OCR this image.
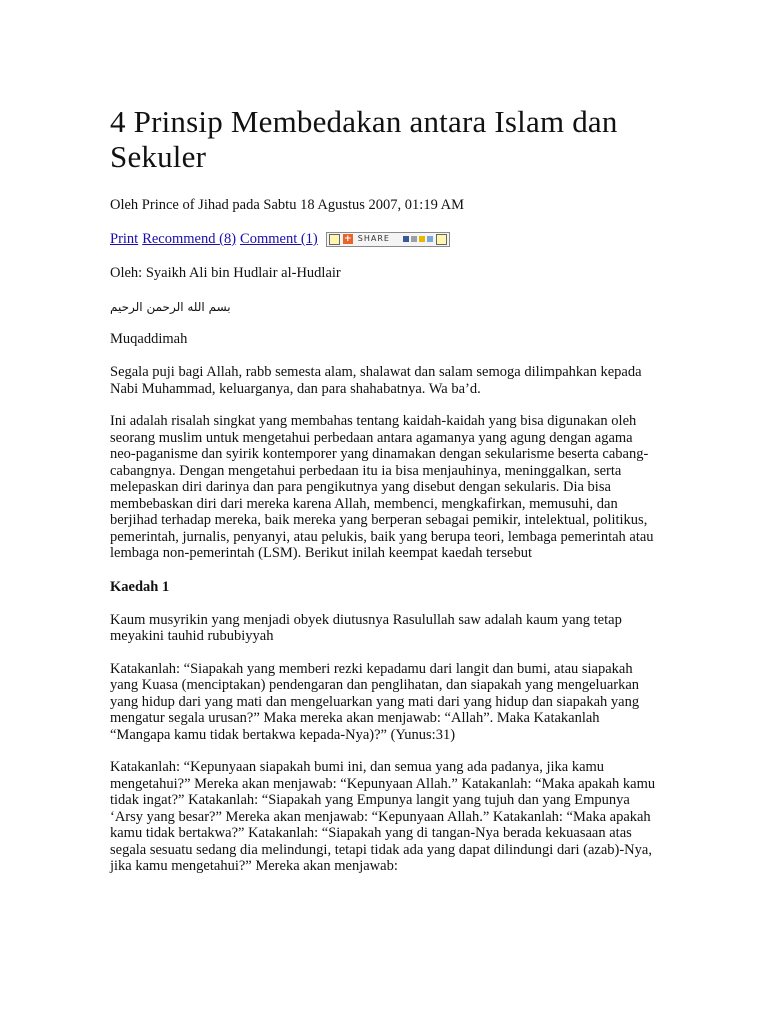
4 Prinsip Membedakan antara Islam dan Sekuler
Oleh Prince of Jihad pada Sabtu 18 Agustus 2007, 01:19 AM
Print Recommend (8) Comment (1)	+ SHARE
Oleh: Syaikh Ali bin Hudlair al-Hudlair
بسم الله الرحمن الرحيم
Muqaddimah

Segala puji bagi Allah, rabb semesta alam, shalawat dan salam semoga dilimpahkan kepada Nabi Muhammad, keluarganya, dan para shahabatnya. Wa ba’d.

Ini adalah risalah singkat yang membahas tentang kaidah-kaidah yang bisa digunakan oleh seorang muslim untuk mengetahui perbedaan antara agamanya yang agung dengan agama neo-paganisme dan syirik kontemporer yang dinamakan dengan sekularisme beserta cabang-cabangnya. Dengan mengetahui perbedaan itu ia bisa menjauhinya, meninggalkan, serta melepaskan diri darinya dan para pengikutnya yang disebut dengan sekularis. Dia bisa membebaskan diri dari mereka karena Allah, membenci, mengkafirkan, memusuhi, dan berjihad terhadap mereka, baik mereka yang berperan sebagai pemikir, intelektual, politikus, pemerintah, jurnalis, penyanyi, atau pelukis, baik yang berupa teori, lembaga pemerintah atau lembaga non-pemerintah (LSM). Berikut inilah keempat kaedah tersebut

Kaedah 1

Kaum musyrikin yang menjadi obyek diutusnya Rasulullah saw adalah kaum yang tetap meyakini tauhid rububiyyah

Katakanlah: “Siapakah yang memberi rezki kepadamu dari langit dan bumi, atau siapakah yang Kuasa (menciptakan) pendengaran dan penglihatan, dan siapakah yang mengeluarkan yang hidup dari yang mati dan mengeluarkan yang mati dari yang hidup dan siapakah yang mengatur segala urusan?” Maka mereka akan menjawab: “Allah”. Maka Katakanlah “Mangapa kamu tidak bertakwa kepada-Nya)?” (Yunus:31)

Katakanlah: “Kepunyaan siapakah bumi ini, dan semua yang ada padanya, jika kamu mengetahui?” Mereka akan menjawab: “Kepunyaan Allah.” Katakanlah: “Maka apakah kamu tidak ingat?” Katakanlah: “Siapakah yang Empunya langit yang tujuh dan yang Empunya ‘Arsy yang besar?” Mereka akan menjawab: “Kepunyaan Allah.” Katakanlah: “Maka apakah kamu tidak bertakwa?” Katakanlah: “Siapakah yang di tangan-Nya berada kekuasaan atas segala sesuatu sedang dia melindungi, tetapi tidak ada yang dapat dilindungi dari (azab)-Nya, jika kamu mengetahui?” Mereka akan menjawab:
